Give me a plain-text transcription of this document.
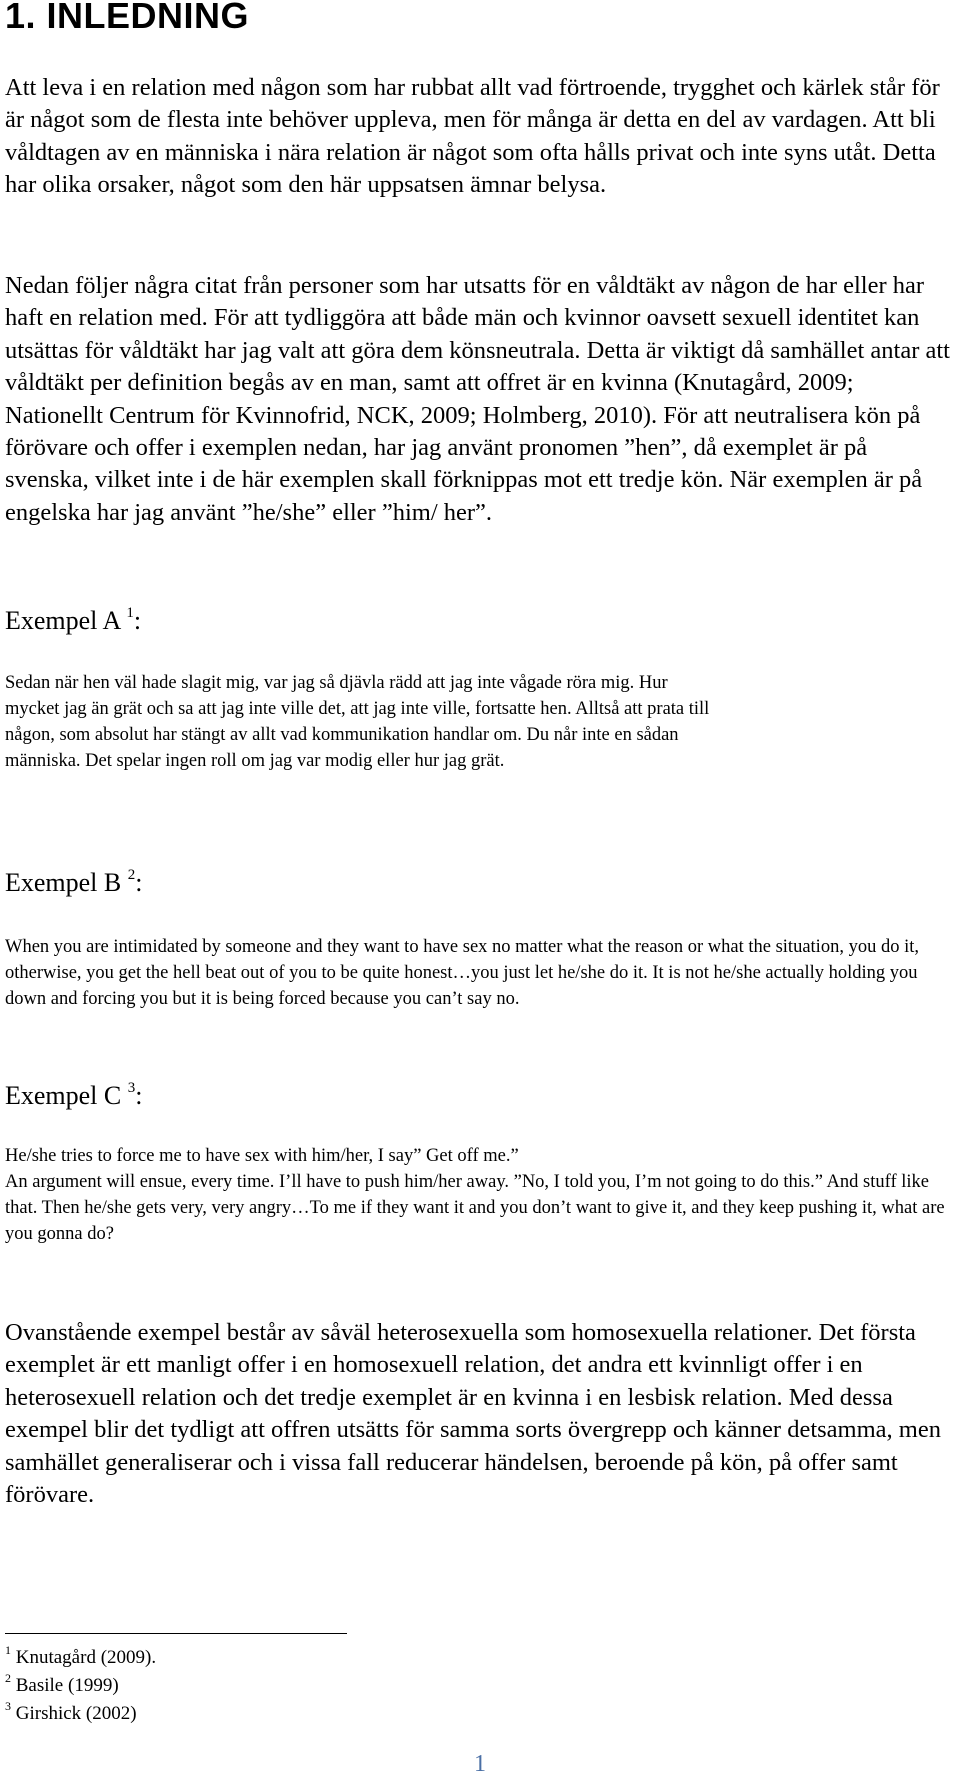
1. INLEDNING

Att leva i en relation med någon som har rubbat allt vad förtroende, trygghet och kärlek står för är något som de flesta inte behöver uppleva, men för många är detta en del av vardagen. Att bli våldtagen av en människa i nära relation är något som ofta hålls privat och inte syns utåt. Detta har olika orsaker, något som den här uppsatsen ämnar belysa.

Nedan följer några citat från personer som har utsatts för en våldtäkt av någon de har eller har haft en relation med. För att tydliggöra att både män och kvinnor oavsett sexuell identitet kan utsättas för våldtäkt har jag valt att göra dem könsneutrala. Detta är viktigt då samhället antar att våldtäkt per definition begås av en man, samt att offret är en kvinna (Knutagård, 2009; Nationellt Centrum för Kvinnofrid, NCK, 2009; Holmberg, 2010). För att neutralisera kön på förövare och offer i exemplen nedan, har jag använt pronomen ”hen”, då exemplet är på svenska, vilket inte i de här exemplen skall förknippas mot ett tredje kön. När exemplen är på engelska har jag använt ”he/she” eller ”him/ her”.

Exempel A $^1$:

Sedan när hen väl hade slagit mig, var jag så djävla rädd att jag inte vågade röra mig. Hur mycket jag än grät och sa att jag inte ville det, att jag inte ville, fortsatte hen. Alltså att prata till någon, som absolut har stängt av allt vad kommunikation handlar om. Du når inte en sådan människa. Det spelar ingen roll om jag var modig eller hur jag grät.

Exempel B $^2$:

When you are intimidated by someone and they want to have sex no matter what the reason or what the situation, you do it, otherwise, you get the hell beat out of you to be quite honest…you just let he/she do it. It is not he/she actually holding you down and forcing you but it is being forced because you can’t say no.

Exempel C $^3$:
He/she tries to force me to have sex with him/her, I say” Get off me.”
An argument will ensue, every time. I’ll have to push him/her away. ”No, I told you, I’m not going to do this.” And stuff like that. Then he/she gets very, very angry…To me if they want it and you don’t want to give it, and they keep pushing it, what are you gonna do?

Ovanstående exempel består av såväl heterosexuella som homosexuella relationer. Det första exemplet är ett manligt offer i en homosexuell relation, det andra ett kvinnligt offer i en heterosexuell relation och det tredje exemplet är en kvinna i en lesbisk relation. Med dessa exempel blir det tydligt att offren utsätts för samma sorts övergrepp och känner detsamma, men samhället generaliserar och i vissa fall reducerar händelsen, beroende på kön, på offer samt förövare.

$^1$ Knutagård (2009).

$^2$ Basile (1999)

$^3$ Girshick (2002)

1
